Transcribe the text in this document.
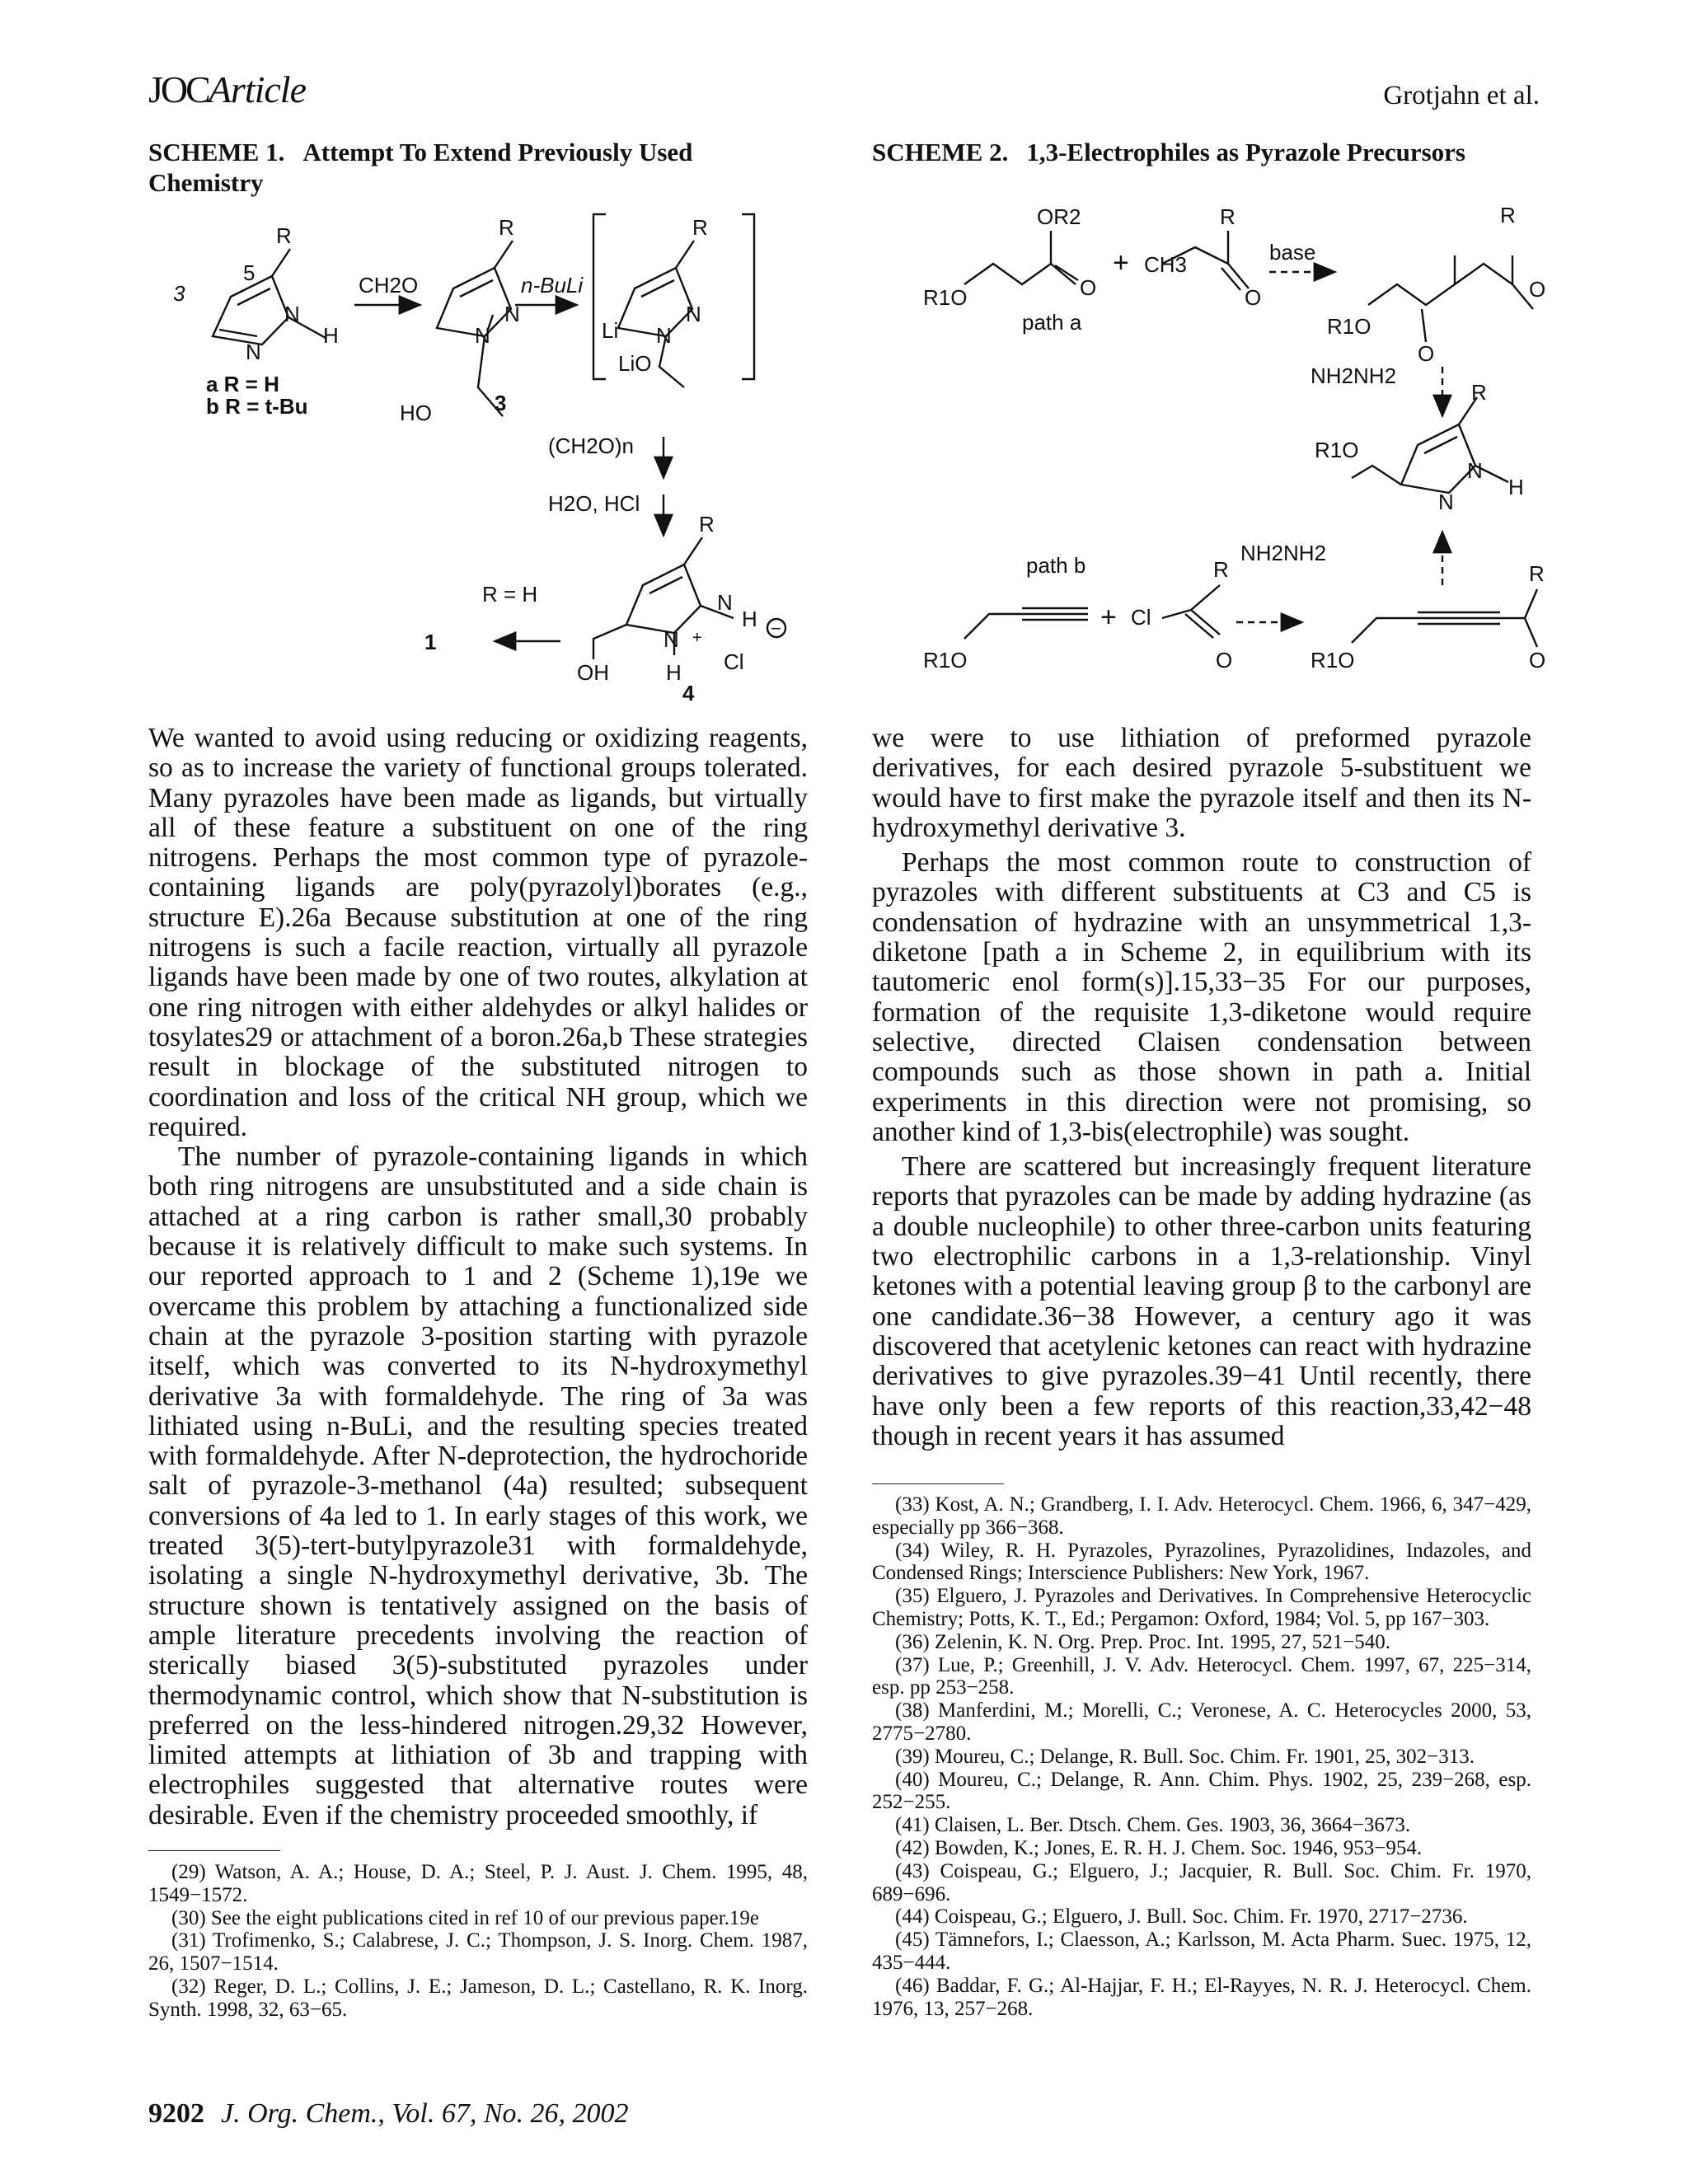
JOCArticle	Grotjahn et al.
SCHEME 1. Attempt To Extend Previously Used Chemistry
SCHEME 2. 1,3-Electrophiles as Pyrazole Precursors
R
5
3
N
N
H
a R = H
b R = t-Bu
CH2O
R
N
N
HO	3
n-BuLi
R
Li
N
N
LiO
(CH2O)n
H2O, HCl
R
N
H
N +
H
OH	Cl
−
4
R = H
1
OR2
R1O	O
+ CH3
R
O
base
path a
R
O
R1O
O
NH2NH2
R
R1O
N
N
H
path b	NH2NH2
R1O
+ Cl
R
O	R1O
R
O

We wanted to avoid using reducing or oxidizing reagents, so as to increase the variety of functional groups tolerated. Many pyrazoles have been made as ligands, but virtually all of these feature a substituent on one of the ring nitrogens. Perhaps the most common type of pyrazole-containing ligands are poly(pyrazolyl)borates (e.g., structure E).26a Because substitution at one of the ring nitrogens is such a facile reaction, virtually all pyrazole ligands have been made by one of two routes, alkylation at one ring nitrogen with either aldehydes or alkyl halides or tosylates29 or attachment of a boron.26a,b These strategies result in blockage of the substituted nitrogen to coordination and loss of the critical NH group, which we required.

The number of pyrazole-containing ligands in which both ring nitrogens are unsubstituted and a side chain is attached at a ring carbon is rather small,30 probably because it is relatively difficult to make such systems. In our reported approach to 1 and 2 (Scheme 1),19e we overcame this problem by attaching a functionalized side chain at the pyrazole 3-position starting with pyrazole itself, which was converted to its N-hydroxymethyl derivative 3a with formaldehyde. The ring of 3a was lithiated using n-BuLi, and the resulting species treated with formaldehyde. After N-deprotection, the hydrochoride salt of pyrazole-3-methanol (4a) resulted; subsequent conversions of 4a led to 1. In early stages of this work, we treated 3(5)-tert-butylpyrazole31 with formaldehyde, isolating a single N-hydroxymethyl derivative, 3b. The structure shown is tentatively assigned on the basis of ample literature precedents involving the reaction of sterically biased 3(5)-substituted pyrazoles under thermodynamic control, which show that N-substitution is preferred on the less-hindered nitrogen.29,32 However, limited attempts at lithiation of 3b and trapping with electrophiles suggested that alternative routes were desirable. Even if the chemistry proceeded smoothly, if

we were to use lithiation of preformed pyrazole derivatives, for each desired pyrazole 5-substituent we would have to first make the pyrazole itself and then its N-hydroxymethyl derivative 3.

Perhaps the most common route to construction of pyrazoles with different substituents at C3 and C5 is condensation of hydrazine with an unsymmetrical 1,3-diketone [path a in Scheme 2, in equilibrium with its tautomeric enol form(s)].15,33−35 For our purposes, formation of the requisite 1,3-diketone would require selective, directed Claisen condensation between compounds such as those shown in path a. Initial experiments in this direction were not promising, so another kind of 1,3-bis(electrophile) was sought.

There are scattered but increasingly frequent literature reports that pyrazoles can be made by adding hydrazine (as a double nucleophile) to other three-carbon units featuring two electrophilic carbons in a 1,3-relationship. Vinyl ketones with a potential leaving group β to the carbonyl are one candidate.36−38 However, a century ago it was discovered that acetylenic ketones can react with hydrazine derivatives to give pyrazoles.39−41 Until recently, there have only been a few reports of this reaction,33,42−48 though in recent years it has assumed

(29) Watson, A. A.; House, D. A.; Steel, P. J. Aust. J. Chem. 1995, 48, 1549−1572.
(30) See the eight publications cited in ref 10 of our previous paper.19e
(31) Trofimenko, S.; Calabrese, J. C.; Thompson, J. S. Inorg. Chem. 1987, 26, 1507−1514.
(32) Reger, D. L.; Collins, J. E.; Jameson, D. L.; Castellano, R. K. Inorg. Synth. 1998, 32, 63−65.
(33) Kost, A. N.; Grandberg, I. I. Adv. Heterocycl. Chem. 1966, 6, 347−429, especially pp 366−368.
(34) Wiley, R. H. Pyrazoles, Pyrazolines, Pyrazolidines, Indazoles, and Condensed Rings; Interscience Publishers: New York, 1967.
(35) Elguero, J. Pyrazoles and Derivatives. In Comprehensive Heterocyclic Chemistry; Potts, K. T., Ed.; Pergamon: Oxford, 1984; Vol. 5, pp 167−303.
(36) Zelenin, K. N. Org. Prep. Proc. Int. 1995, 27, 521−540.
(37) Lue, P.; Greenhill, J. V. Adv. Heterocycl. Chem. 1997, 67, 225−314, esp. pp 253−258.
(38) Manferdini, M.; Morelli, C.; Veronese, A. C. Heterocycles 2000, 53, 2775−2780.
(39) Moureu, C.; Delange, R. Bull. Soc. Chim. Fr. 1901, 25, 302−313.
(40) Moureu, C.; Delange, R. Ann. Chim. Phys. 1902, 25, 239−268, esp. 252−255.
(41) Claisen, L. Ber. Dtsch. Chem. Ges. 1903, 36, 3664−3673.
(42) Bowden, K.; Jones, E. R. H. J. Chem. Soc. 1946, 953−954.
(43) Coispeau, G.; Elguero, J.; Jacquier, R. Bull. Soc. Chim. Fr. 1970, 689−696.
(44) Coispeau, G.; Elguero, J. Bull. Soc. Chim. Fr. 1970, 2717−2736.
(45) Tämnefors, I.; Claesson, A.; Karlsson, M. Acta Pharm. Suec. 1975, 12, 435−444.
(46) Baddar, F. G.; Al-Hajjar, F. H.; El-Rayyes, N. R. J. Heterocycl. Chem. 1976, 13, 257−268.
9202 J. Org. Chem., Vol. 67, No. 26, 2002
